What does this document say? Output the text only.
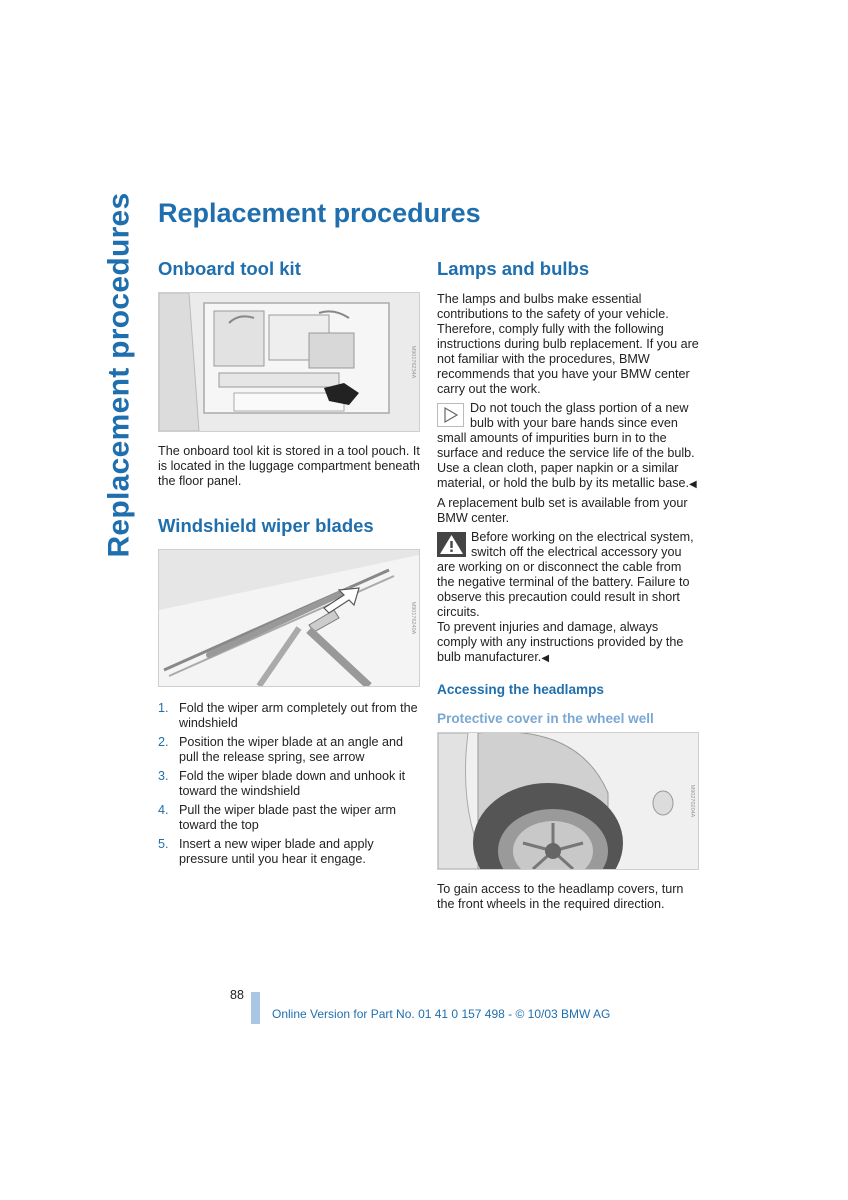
Replacement procedures Replacement procedures
Onboard tool kit
M90176234A

The onboard tool kit is stored in a tool pouch. It is located in the luggage compartment beneath the floor panel.

Windshield wiper blades
M90176240A
1. Fold the wiper arm completely out from the windshield
2. Position the wiper blade at an angle and pull the release spring, see arrow
3. Fold the wiper blade down and unhook it toward the windshield
4. Pull the wiper blade past the wiper arm toward the top
5. Insert a new wiper blade and apply pressure until you hear it engage.
Lamps and bulbs

The lamps and bulbs make essential contributions to the safety of your vehicle. Therefore, comply fully with the following instructions during bulb replacement. If you are not familiar with the procedures, BMW recommends that you have your BMW center carry out the work.

Do not touch the glass portion of a new bulb with your bare hands since even small amounts of impurities burn in to the surface and reduce the service life of the bulb. Use a clean cloth, paper napkin or a similar material, or hold the bulb by its metallic base.◀

A replacement bulb set is available from your BMW center.

Before working on the electrical system, switch off the electrical accessory you are working on or disconnect the cable from the negative terminal of the battery. Failure to observe this precaution could result in short circuits.

To prevent injuries and damage, always comply with any instructions provided by the bulb manufacturer.◀

Accessing the headlamps
Protective cover in the wheel well
M90270204A

To gain access to the headlamp covers, turn the front wheels in the required direction.

88
Online Version for Part No. 01 41 0 157 498 - © 10/03 BMW AG
